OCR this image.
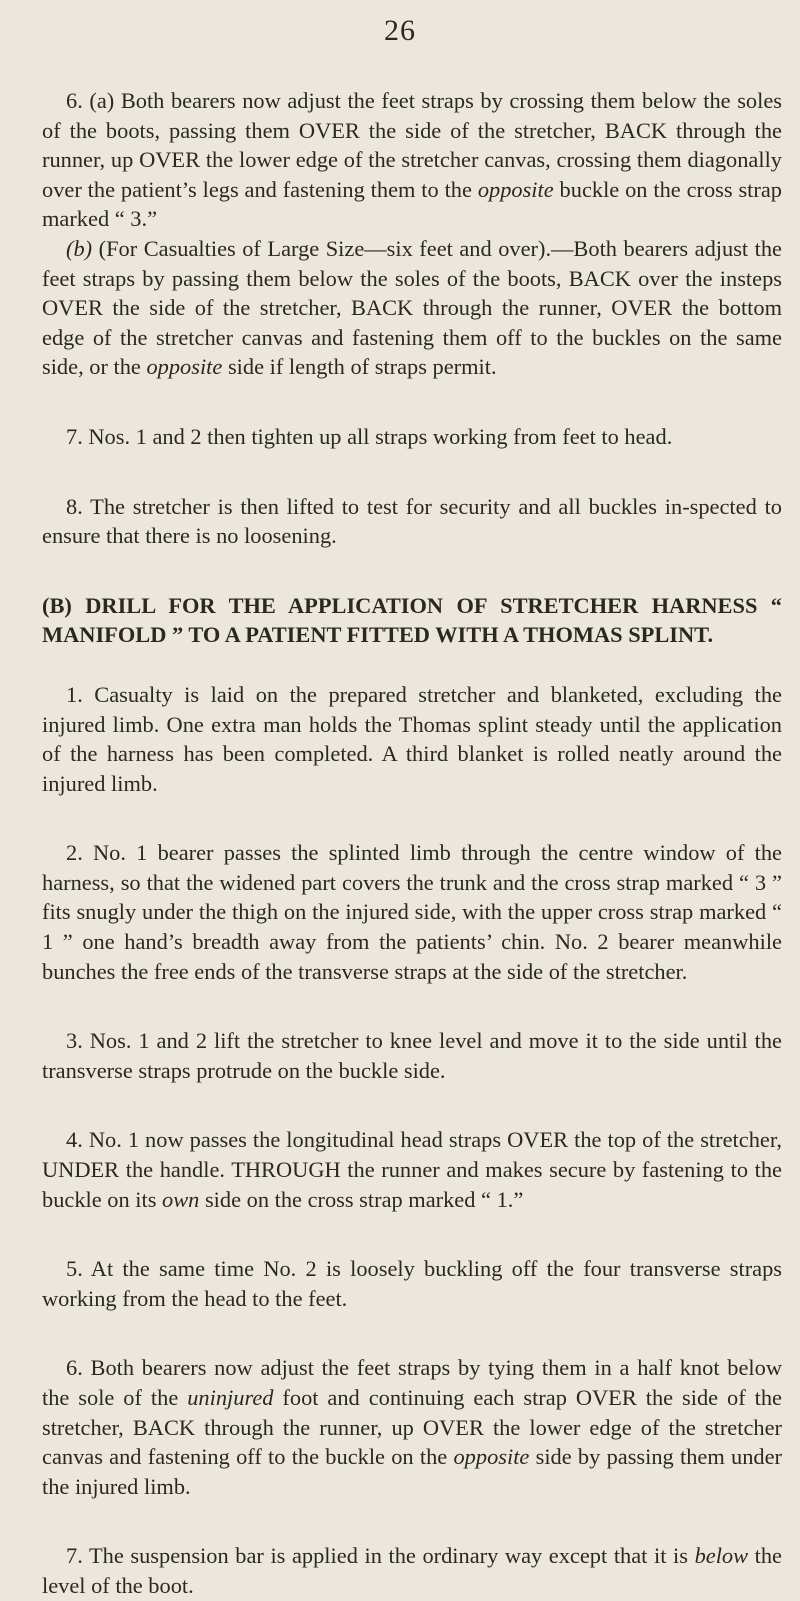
26

6. (a) Both bearers now adjust the feet straps by crossing them below the soles of the boots, passing them OVER the side of the stretcher, BACK through the runner, up OVER the lower edge of the stretcher canvas, crossing them diagonally over the patient’s legs and fastening them to the opposite buckle on the cross strap marked “ 3.”

(b) (For Casualties of Large Size—six feet and over).—Both bearers adjust the feet straps by passing them below the soles of the boots, BACK over the insteps OVER the side of the stretcher, BACK through the runner, OVER the bottom edge of the stretcher canvas and fastening them off to the buckles on the same side, or the opposite side if length of straps permit.

7. Nos. 1 and 2 then tighten up all straps working from feet to head.

8. The stretcher is then lifted to test for security and all buckles in-spected to ensure that there is no loosening.

(B) DRILL FOR THE APPLICATION OF STRETCHER HARNESS “ MANIFOLD ” TO A PATIENT FITTED WITH A THOMAS SPLINT.

1. Casualty is laid on the prepared stretcher and blanketed, excluding the injured limb. One extra man holds the Thomas splint steady until the application of the harness has been completed. A third blanket is rolled neatly around the injured limb.

2. No. 1 bearer passes the splinted limb through the centre window of the harness, so that the widened part covers the trunk and the cross strap marked “ 3 ” fits snugly under the thigh on the injured side, with the upper cross strap marked “ 1 ” one hand’s breadth away from the patients’ chin. No. 2 bearer meanwhile bunches the free ends of the transverse straps at the side of the stretcher.

3. Nos. 1 and 2 lift the stretcher to knee level and move it to the side until the transverse straps protrude on the buckle side.

4. No. 1 now passes the longitudinal head straps OVER the top of the stretcher, UNDER the handle. THROUGH the runner and makes secure by fastening to the buckle on its own side on the cross strap marked “ 1.”

5. At the same time No. 2 is loosely buckling off the four transverse straps working from the head to the feet.

6. Both bearers now adjust the feet straps by tying them in a half knot below the sole of the uninjured foot and continuing each strap OVER the side of the stretcher, BACK through the runner, up OVER the lower edge of the stretcher canvas and fastening off to the buckle on the opposite side by passing them under the injured limb.

7. The suspension bar is applied in the ordinary way except that it is below the level of the boot.
